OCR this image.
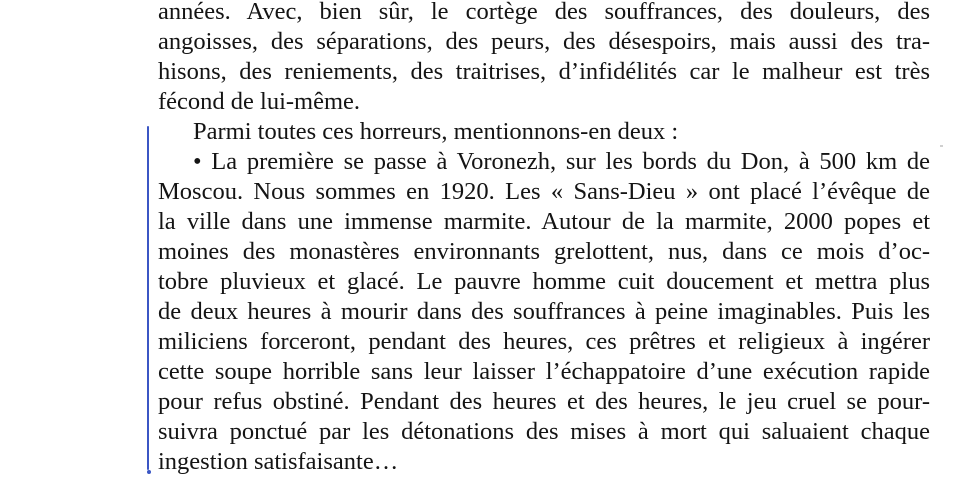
années. Avec, bien sûr, le cortège des souffrances, des douleurs, des
angoisses, des séparations, des peurs, des désespoirs, mais aussi des tra-
hisons, des reniements, des traitrises, d’infidélités car le malheur est très
fécond de lui-même.
Parmi toutes ces horreurs, mentionnons-en deux :
• La première se passe à Voronezh, sur les bords du Don, à 500 km de
Moscou. Nous sommes en 1920. Les « Sans-Dieu » ont placé l’évêque de
la ville dans une immense marmite. Autour de la marmite, 2000 popes et
moines des monastères environnants grelottent, nus, dans ce mois d’oc-
tobre pluvieux et glacé. Le pauvre homme cuit doucement et mettra plus
de deux heures à mourir dans des souffrances à peine imaginables. Puis les
miliciens forceront, pendant des heures, ces prêtres et religieux à ingérer
cette soupe horrible sans leur laisser l’échappatoire d’une exécution rapide
pour refus obstiné. Pendant des heures et des heures, le jeu cruel se pour-
suivra ponctué par les détonations des mises à mort qui saluaient chaque
ingestion satisfaisante…
